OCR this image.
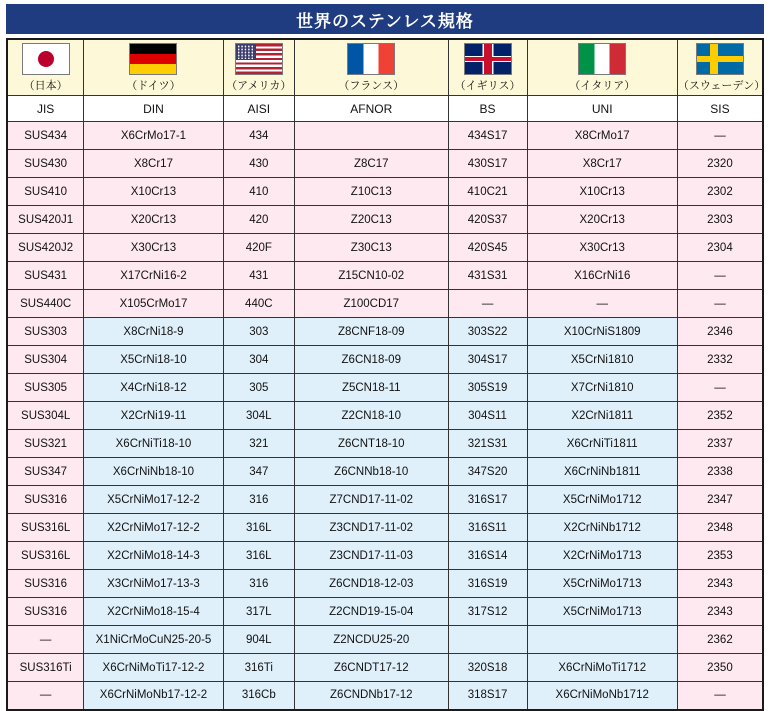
世界のステンレス規格
（日本）	（ドイツ）	（アメリカ）	（フランス）	（イギリス）	（イタリア）	（スウェーデン）

JIS	DIN	AISI	AFNOR	BS	UNI	SIS
SUS434	X6CrMo17-1	434		434S17	X8CrMo17	—
SUS430	X8Cr17	430	Z8C17	430S17	X8Cr17	2320
SUS410	X10Cr13	410	Z10C13	410C21	X10Cr13	2302
SUS420J1	X20Cr13	420	Z20C13	420S37	X20Cr13	2303
SUS420J2	X30Cr13	420F	Z30C13	420S45	X30Cr13	2304
SUS431	X17CrNi16-2	431	Z15CN10-02	431S31	X16CrNi16	—
SUS440C	X105CrMo17	440C	Z100CD17	—	—	—
SUS303	X8CrNi18-9	303	Z8CNF18-09	303S22	X10CrNiS1809	2346
SUS304	X5CrNi18-10	304	Z6CN18-09	304S17	X5CrNi1810	2332
SUS305	X4CrNi18-12	305	Z5CN18-11	305S19	X7CrNi1810	—
SUS304L	X2CrNi19-11	304L	Z2CN18-10	304S11	X2CrNi1811	2352
SUS321	X6CrNiTi18-10	321	Z6CNT18-10	321S31	X6CrNiTi1811	2337
SUS347	X6CrNiNb18-10	347	Z6CNNb18-10	347S20	X6CrNiNb1811	2338
SUS316	X5CrNiMo17-12-2	316	Z7CND17-11-02	316S17	X5CrNiMo1712	2347
SUS316L	X2CrNiMo17-12-2	316L	Z3CND17-11-02	316S11	X2CrNiNb1712	2348
SUS316L	X2CrNiMo18-14-3	316L	Z3CND17-11-03	316S14	X2CrNiMo1713	2353
SUS316	X3CrNiMo17-13-3	316	Z6CND18-12-03	316S19	X5CrNiMo1713	2343
SUS316	X2CrNiMo18-15-4	317L	Z2CND19-15-04	317S12	X5CrNiMo1713	2343
—	X1NiCrMoCuN25-20-5	904L	Z2NCDU25-20			2362
SUS316Ti	X6CrNiMoTi17-12-2	316Ti	Z6CNDT17-12	320S18	X6CrNiMoTi1712	2350
—	X6CrNiMoNb17-12-2	316Cb	Z6CNDNb17-12	318S17	X6CrNiMoNb1712	—
